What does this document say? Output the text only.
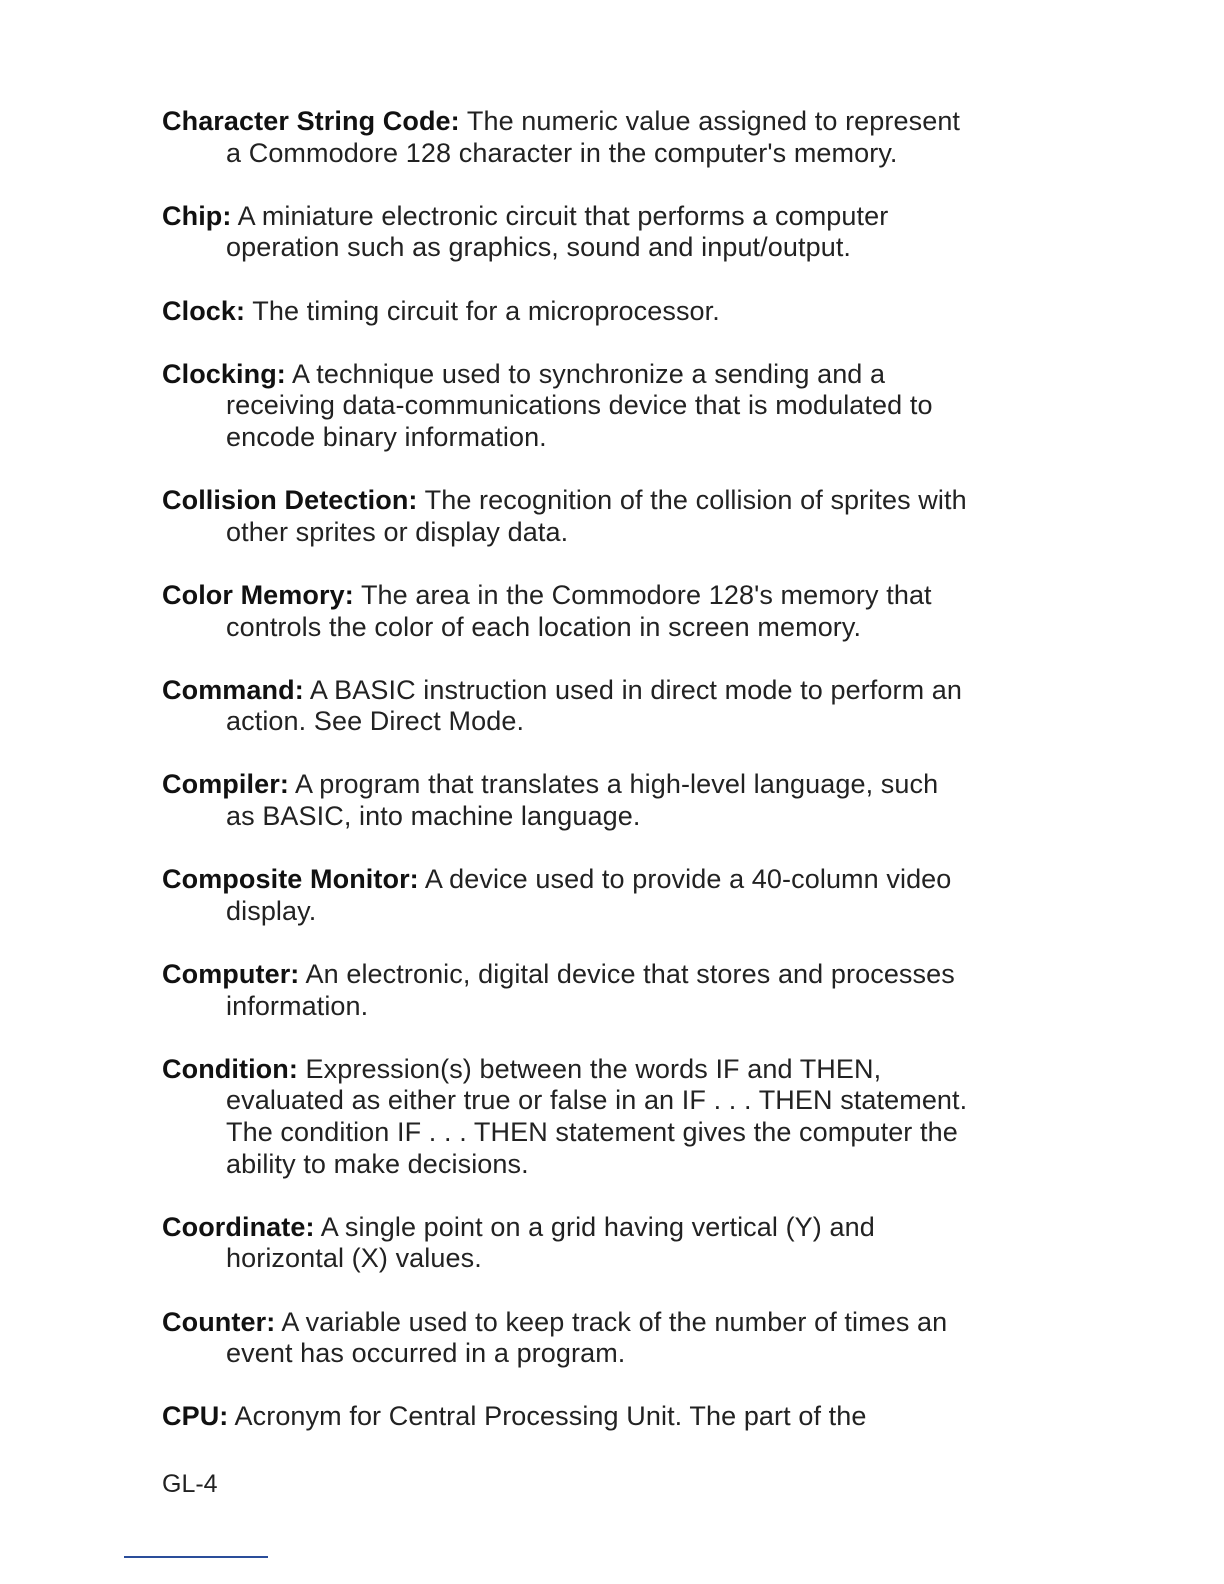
Character String Code: The numeric value assigned to represent
a Commodore 128 character in the computer's memory.
Chip: A miniature electronic circuit that performs a computer
operation such as graphics, sound and input/output.
Clock: The timing circuit for a microprocessor.
Clocking: A technique used to synchronize a sending and a
receiving data-communications device that is modulated to
encode binary information.
Collision Detection: The recognition of the collision of sprites with
other sprites or display data.
Color Memory: The area in the Commodore 128's memory that
controls the color of each location in screen memory.
Command: A BASIC instruction used in direct mode to perform an
action. See Direct Mode.
Compiler: A program that translates a high-level language, such
as BASIC, into machine language.
Composite Monitor: A device used to provide a 40-column video
display.
Computer: An electronic, digital device that stores and processes
information.
Condition: Expression(s) between the words IF and THEN,
evaluated as either true or false in an IF . . . THEN statement.
The condition IF . . . THEN statement gives the computer the
ability to make decisions.
Coordinate: A single point on a grid having vertical (Y) and
horizontal (X) values.
Counter: A variable used to keep track of the number of times an
event has occurred in a program.
CPU: Acronym for Central Processing Unit. The part of the
GL-4
